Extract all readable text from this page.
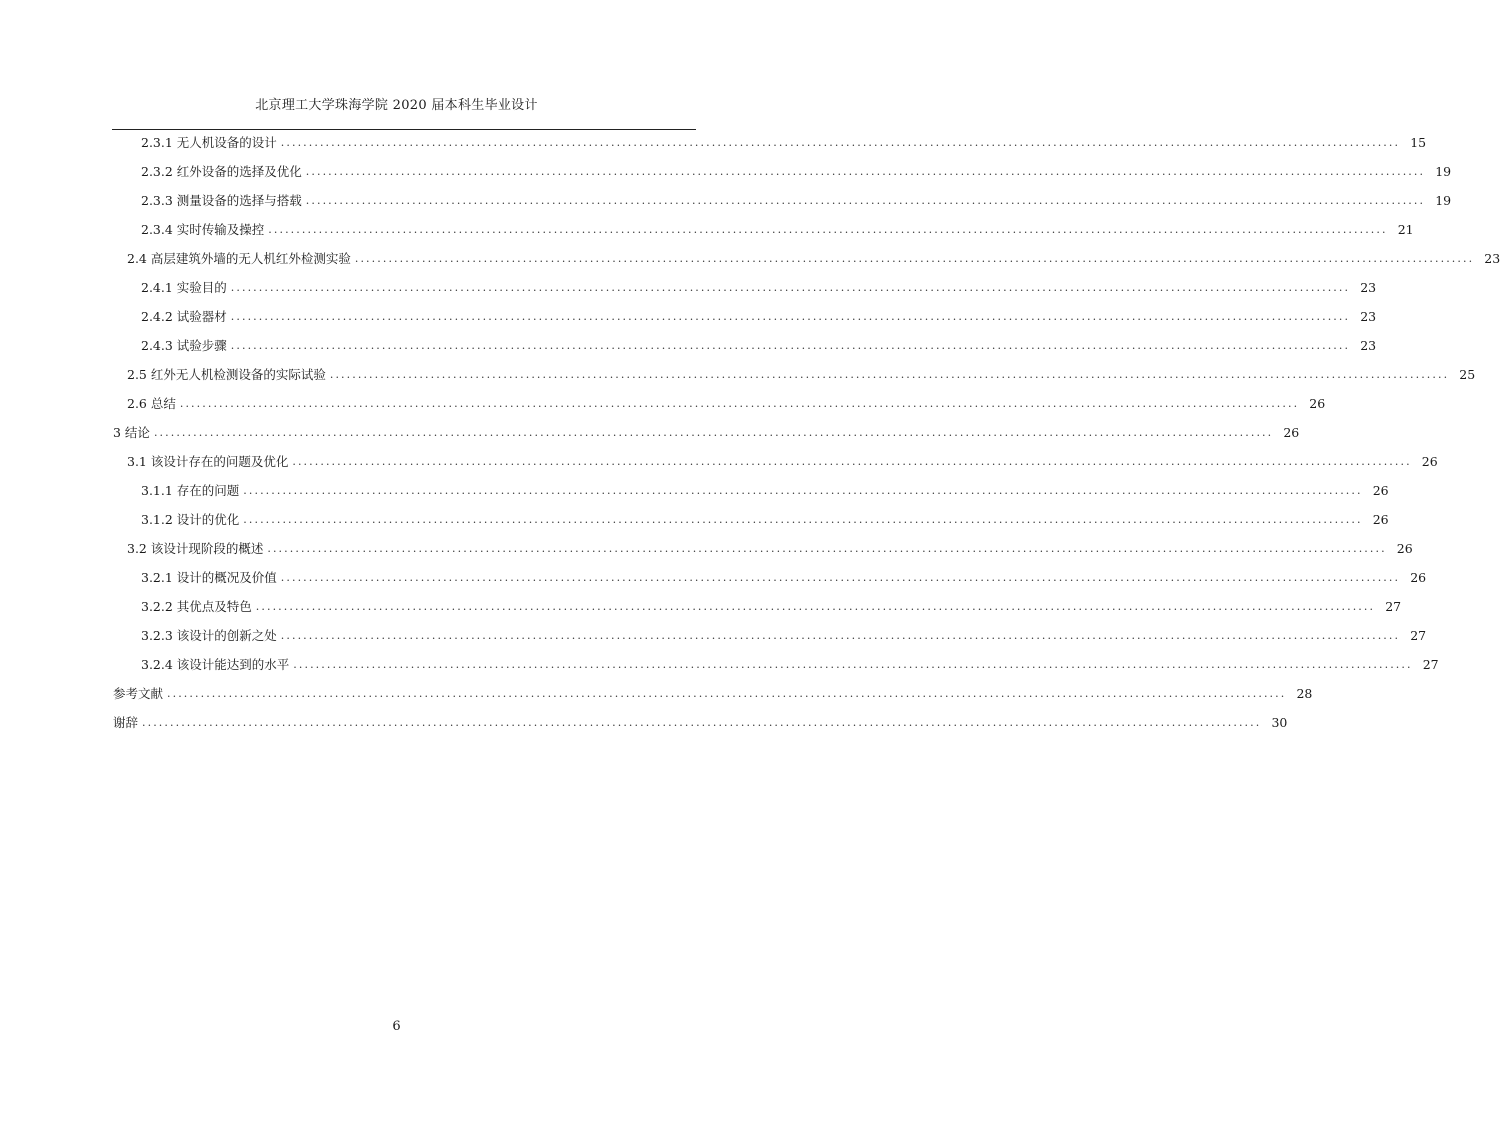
北京理工大学珠海学院 2020 届本科生毕业设计
2.3.1 无人机设备的设计 ........................................................................................................................................................................................................ 15
2.3.2 红外设备的选择及优化 ........................................................................................................................................................................................................ 19
2.3.3 测量设备的选择与搭载 ........................................................................................................................................................................................................ 19
2.3.4 实时传输及操控 ........................................................................................................................................................................................................ 21
2.4 高层建筑外墙的无人机红外检测实验 ........................................................................................................................................................................................................ 23
2.4.1 实验目的 ........................................................................................................................................................................................................ 23
2.4.2 试验器材 ........................................................................................................................................................................................................ 23
2.4.3 试验步骤 ........................................................................................................................................................................................................ 23
2.5 红外无人机检测设备的实际试验 ........................................................................................................................................................................................................ 25
2.6 总结 ........................................................................................................................................................................................................ 26
3 结论 ........................................................................................................................................................................................................ 26
3.1 该设计存在的问题及优化 ........................................................................................................................................................................................................ 26
3.1.1 存在的问题 ........................................................................................................................................................................................................ 26
3.1.2 设计的优化 ........................................................................................................................................................................................................ 26
3.2 该设计现阶段的概述 ........................................................................................................................................................................................................ 26
3.2.1 设计的概况及价值 ........................................................................................................................................................................................................ 26
3.2.2 其优点及特色 ........................................................................................................................................................................................................ 27
3.2.3 该设计的创新之处 ........................................................................................................................................................................................................ 27
3.2.4 该设计能达到的水平 ........................................................................................................................................................................................................ 27
参考文献 ........................................................................................................................................................................................................ 28
谢辞 ........................................................................................................................................................................................................ 30
6
